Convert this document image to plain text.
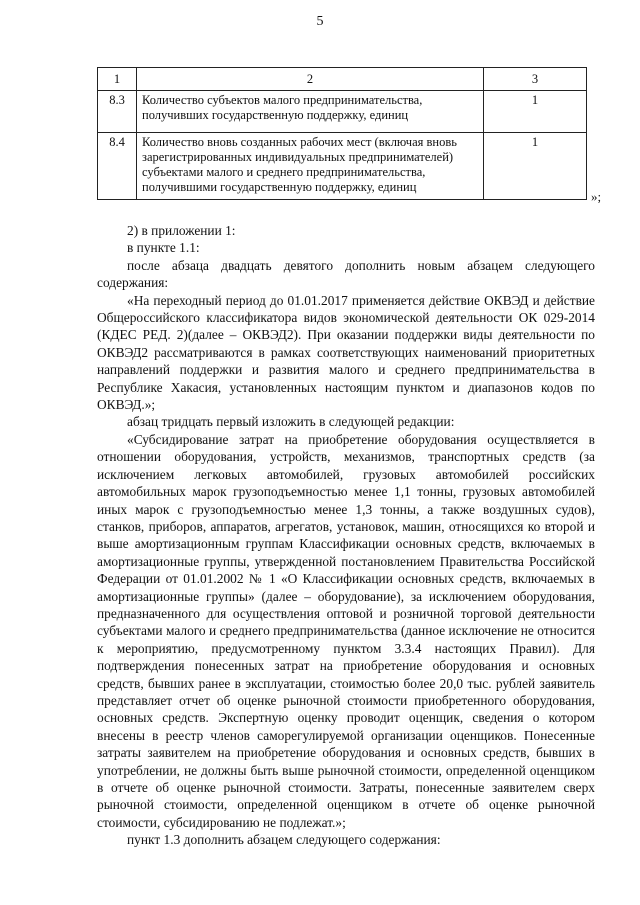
5
1	2	3
8.3	Количество субъектов малого предпринимательства, получивших государственную поддержку, единиц	1
8.4	Количество вновь созданных рабочих мест (включая вновь зарегистрированных индивидуальных предпринимателей) субъектами малого и среднего предпринимательства, получившими государственную поддержку, единиц	1
»;

2) в приложении 1:

в пункте 1.1:

после абзаца двадцать девятого дополнить новым абзацем следующего содержания:

«На переходный период до 01.01.2017 применяется действие ОКВЭД и действие Общероссийского классификатора видов экономической деятельности ОК 029-2014 (КДЕС РЕД. 2)(далее – ОКВЭД2). При оказании поддержки виды деятельности по ОКВЭД2 рассматриваются в рамках соответствующих наименований приоритетных направлений поддержки и развития малого и среднего предпринимательства в Республике Хакасия, установленных настоящим пунктом и диапазонов кодов по ОКВЭД.»;

абзац тридцать первый изложить в следующей редакции:

«Субсидирование затрат на приобретение оборудования осуществляется в отношении оборудования, устройств, механизмов, транспортных средств (за исключением легковых автомобилей, грузовых автомобилей российских автомобильных марок грузоподъемностью менее 1,1 тонны, грузовых автомобилей иных марок с грузоподъемностью менее 1,3 тонны, а также воздушных судов), станков, приборов, аппаратов, агрегатов, установок, машин, относящихся ко второй и выше амортизационным группам Классификации основных средств, включаемых в амортизационные группы, утвержденной постановлением Правительства Российской Федерации от 01.01.2002 № 1 «О Классификации основных средств, включаемых в амортизационные группы» (далее – оборудование), за исключением оборудования, предназначенного для осуществления оптовой и розничной торговой деятельности субъектами малого и среднего предпринимательства (данное исключение не относится к мероприятию, предусмотренному пунктом 3.3.4 настоящих Правил). Для подтверждения понесенных затрат на приобретение оборудования и основных средств, бывших ранее в эксплуатации, стоимостью более 20,0 тыс. рублей заявитель представляет отчет об оценке рыночной стоимости приобретенного оборудования, основных средств. Экспертную оценку проводит оценщик, сведения о котором внесены в реестр членов саморегулируемой организации оценщиков. Понесенные затраты заявителем на приобретение оборудования и основных средств, бывших в употреблении, не должны быть выше рыночной стоимости, определенной оценщиком в отчете об оценке рыночной стоимости. Затраты, понесенные заявителем сверх рыночной стоимости, определенной оценщиком в отчете об оценке рыночной стоимости, субсидированию не подлежат.»;

пункт 1.3 дополнить абзацем следующего содержания:
